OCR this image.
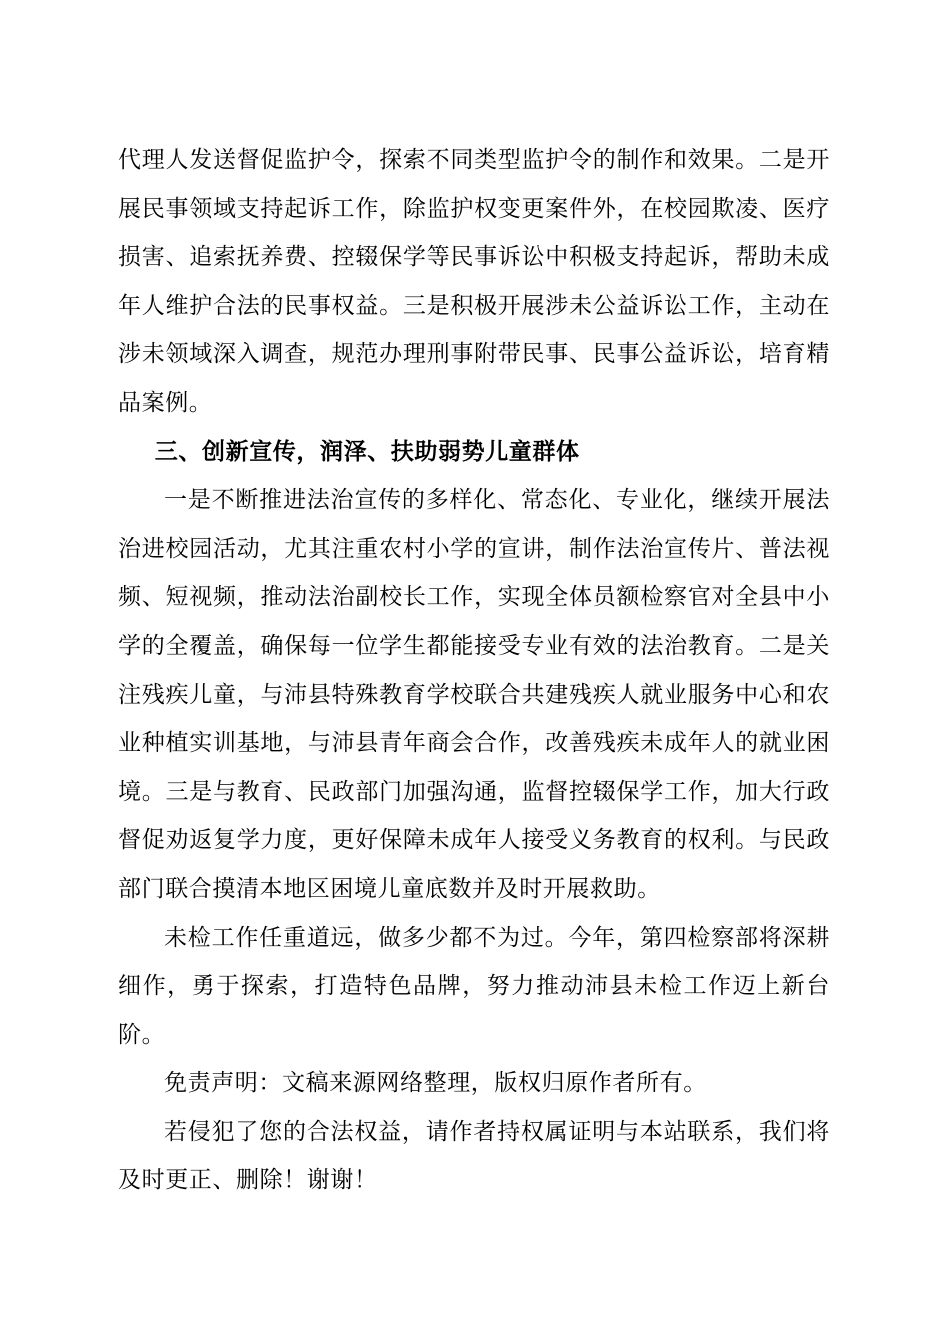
代理人发送督促监护令，探索不同类型监护令的制作和效果。二是开展民事领域支持起诉工作，除监护权变更案件外，在校园欺凌、医疗损害、追索抚养费、控辍保学等民事诉讼中积极支持起诉，帮助未成年人维护合法的民事权益。三是积极开展涉未公益诉讼工作，主动在涉未领域深入调查，规范办理刑事附带民事、民事公益诉讼，培育精品案例。

三、创新宣传，润泽、扶助弱势儿童群体

一是不断推进法治宣传的多样化、常态化、专业化，继续开展法治进校园活动，尤其注重农村小学的宣讲，制作法治宣传片、普法视频、短视频，推动法治副校长工作，实现全体员额检察官对全县中小学的全覆盖，确保每一位学生都能接受专业有效的法治教育。二是关注残疾儿童，与沛县特殊教育学校联合共建残疾人就业服务中心和农业种植实训基地，与沛县青年商会合作，改善残疾未成年人的就业困境。三是与教育、民政部门加强沟通，监督控辍保学工作，加大行政督促劝返复学力度，更好保障未成年人接受义务教育的权利。与民政部门联合摸清本地区困境儿童底数并及时开展救助。

未检工作任重道远，做多少都不为过。今年，第四检察部将深耕细作，勇于探索，打造特色品牌，努力推动沛县未检工作迈上新台阶。

免责声明：文稿来源网络整理，版权归原作者所有。

若侵犯了您的合法权益，请作者持权属证明与本站联系，我们将及时更正、删除！谢谢！
